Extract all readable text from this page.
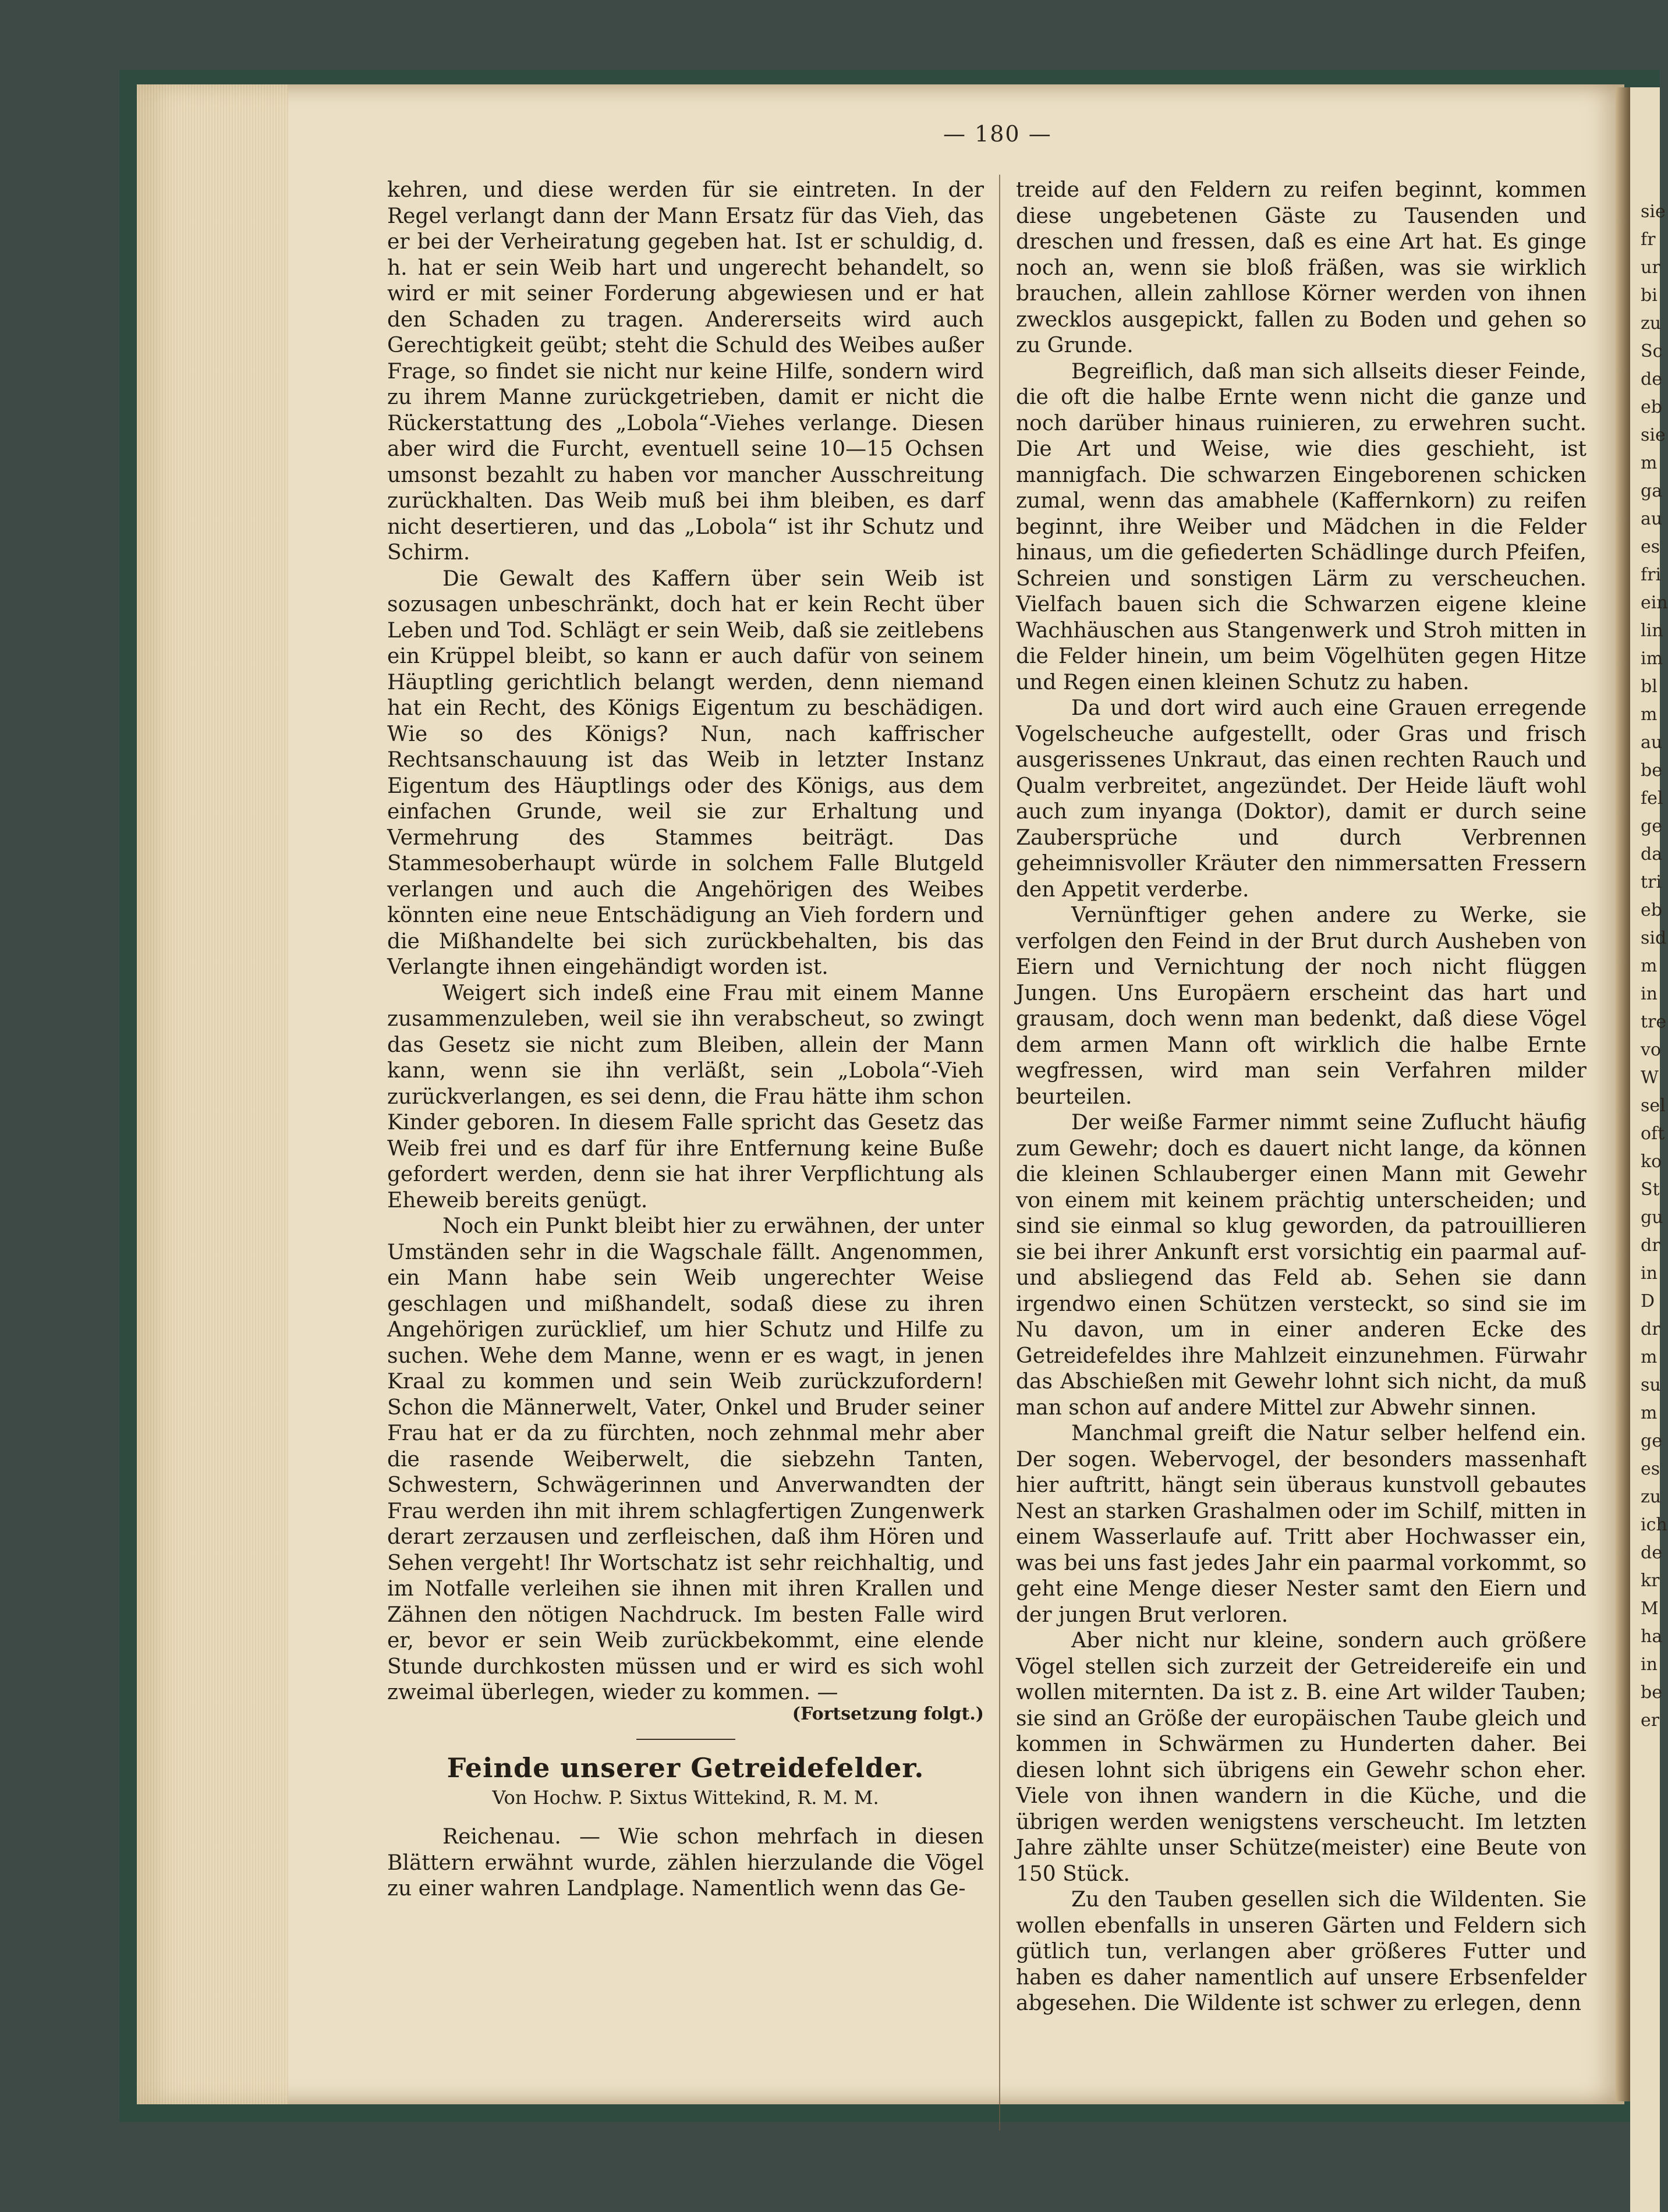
sie
fr
ur
bi
zu
Sc
de
eb
sie
m
ga
au
es
fri
ein
lin
im
bl
m
au
be
fel
ge
da
tri
eb
sid
m
in
tre
vo
W
sel
oft
ko
St
gu
dr
in
D
dr
m
su
m
ge
es
zu
ich
de
kr
M
ha
in
be
er
— 180 —

kehren, und diese werden für sie eintreten. In der Regel verlangt dann der Mann Ersatz für das Vieh, das er bei der Verheiratung gegeben hat. Ist er schuldig, d. h. hat er sein Weib hart und ungerecht behandelt, so wird er mit seiner Forderung abgewiesen und er hat den Schaden zu tragen. Andererseits wird auch Gerechtigkeit geübt; steht die Schuld des Weibes außer Frage, so findet sie nicht nur keine Hilfe, sondern wird zu ihrem Manne zurückgetrieben, damit er nicht die Rückerstattung des „Lobola“-Viehes verlange. Diesen aber wird die Furcht, eventuell seine 10—15 Ochsen umsonst bezahlt zu haben vor mancher Ausschreitung zurückhalten. Das Weib muß bei ihm bleiben, es darf nicht desertieren, und das „Lobola“ ist ihr Schutz und Schirm.

Die Gewalt des Kaffern über sein Weib ist sozusagen unbeschränkt, doch hat er kein Recht über Leben und Tod. Schlägt er sein Weib, daß sie zeitlebens ein Krüppel bleibt, so kann er auch dafür von seinem Häuptling gerichtlich belangt werden, denn niemand hat ein Recht, des Königs Eigentum zu beschädigen. Wie so des Königs? Nun, nach kaffrischer Rechtsanschauung ist das Weib in letzter Instanz Eigentum des Häuptlings oder des Königs, aus dem einfachen Grunde, weil sie zur Erhaltung und Vermehrung des Stammes beiträgt. Das Stammesoberhaupt würde in solchem Falle Blutgeld verlangen und auch die Angehörigen des Weibes könnten eine neue Entschädigung an Vieh fordern und die Mißhandelte bei sich zurückbehalten, bis das Verlangte ihnen eingehändigt worden ist.

Weigert sich indeß eine Frau mit einem Manne zusammenzuleben, weil sie ihn verabscheut, so zwingt das Gesetz sie nicht zum Bleiben, allein der Mann kann, wenn sie ihn verläßt, sein „Lobola“-Vieh zurückverlangen, es sei denn, die Frau hätte ihm schon Kinder geboren. In diesem Falle spricht das Gesetz das Weib frei und es darf für ihre Entfernung keine Buße gefordert werden, denn sie hat ihrer Verpflichtung als Eheweib bereits genügt.

Noch ein Punkt bleibt hier zu erwähnen, der unter Umständen sehr in die Wagschale fällt. Angenommen, ein Mann habe sein Weib ungerechter Weise geschlagen und mißhandelt, sodaß diese zu ihren Angehörigen zurücklief, um hier Schutz und Hilfe zu suchen. Wehe dem Manne, wenn er es wagt, in jenen Kraal zu kommen und sein Weib zurückzufordern! Schon die Männerwelt, Vater, Onkel und Bruder seiner Frau hat er da zu fürchten, noch zehnmal mehr aber die rasende Weiberwelt, die siebzehn Tanten, Schwestern, Schwägerinnen und Anverwandten der Frau werden ihn mit ihrem schlagfertigen Zungenwerk derart zerzausen und zerfleischen, daß ihm Hören und Sehen vergeht! Ihr Wortschatz ist sehr reichhaltig, und im Notfalle verleihen sie ihnen mit ihren Krallen und Zähnen den nötigen Nachdruck. Im besten Falle wird er, bevor er sein Weib zurückbekommt, eine elende Stunde durchkosten müssen und er wird es sich wohl zweimal überlegen, wieder zu kommen. —

(Fortsetzung folgt.)
Feinde unserer Getreidefelder.
Von Hochw. P. Sixtus Wittekind, R. M. M.

Reichenau. — Wie schon mehrfach in diesen Blättern erwähnt wurde, zählen hierzulande die Vögel zu einer wahren Landplage. Namentlich wenn das Ge-

treide auf den Feldern zu reifen beginnt, kommen diese ungebetenen Gäste zu Tausenden und dreschen und fressen, daß es eine Art hat. Es ginge noch an, wenn sie bloß fräßen, was sie wirklich brauchen, allein zahllose Körner werden von ihnen zwecklos ausgepickt, fallen zu Boden und gehen so zu Grunde.

Begreiflich, daß man sich allseits dieser Feinde, die oft die halbe Ernte wenn nicht die ganze und noch darüber hinaus ruinieren, zu erwehren sucht. Die Art und Weise, wie dies geschieht, ist mannigfach. Die schwarzen Eingeborenen schicken zumal, wenn das amabhele (Kaffernkorn) zu reifen beginnt, ihre Weiber und Mädchen in die Felder hinaus, um die gefiederten Schädlinge durch Pfeifen, Schreien und sonstigen Lärm zu verscheuchen. Vielfach bauen sich die Schwarzen eigene kleine Wachhäuschen aus Stangenwerk und Stroh mitten in die Felder hinein, um beim Vögelhüten gegen Hitze und Regen einen kleinen Schutz zu haben.

Da und dort wird auch eine Grauen erregende Vogelscheuche aufgestellt, oder Gras und frisch ausgerissenes Unkraut, das einen rechten Rauch und Qualm verbreitet, angezündet. Der Heide läuft wohl auch zum inyanga (Doktor), damit er durch seine Zaubersprüche und durch Verbrennen geheimnisvoller Kräuter den nimmersatten Fressern den Appetit verderbe.

Vernünftiger gehen andere zu Werke, sie verfolgen den Feind in der Brut durch Ausheben von Eiern und Vernichtung der noch nicht flüggen Jungen. Uns Europäern erscheint das hart und grausam, doch wenn man bedenkt, daß diese Vögel dem armen Mann oft wirklich die halbe Ernte wegfressen, wird man sein Verfahren milder beurteilen.

Der weiße Farmer nimmt seine Zuflucht häufig zum Gewehr; doch es dauert nicht lange, da können die kleinen Schlauberger einen Mann mit Gewehr von einem mit keinem prächtig unterscheiden; und sind sie einmal so klug geworden, da patrouillieren sie bei ihrer Ankunft erst vorsichtig ein paarmal auf- und absliegend das Feld ab. Sehen sie dann irgendwo einen Schützen versteckt, so sind sie im Nu davon, um in einer anderen Ecke des Getreidefeldes ihre Mahlzeit einzunehmen. Fürwahr das Abschießen mit Gewehr lohnt sich nicht, da muß man schon auf andere Mittel zur Abwehr sinnen.

Manchmal greift die Natur selber helfend ein. Der sogen. Webervogel, der besonders massenhaft hier auftritt, hängt sein überaus kunstvoll gebautes Nest an starken Grashalmen oder im Schilf, mitten in einem Wasserlaufe auf. Tritt aber Hochwasser ein, was bei uns fast jedes Jahr ein paarmal vorkommt, so geht eine Menge dieser Nester samt den Eiern und der jungen Brut verloren.

Aber nicht nur kleine, sondern auch größere Vögel stellen sich zurzeit der Getreidereife ein und wollen miternten. Da ist z. B. eine Art wilder Tauben; sie sind an Größe der europäischen Taube gleich und kommen in Schwärmen zu Hunderten daher. Bei diesen lohnt sich übrigens ein Gewehr schon eher. Viele von ihnen wandern in die Küche, und die übrigen werden wenigstens verscheucht. Im letzten Jahre zählte unser Schütze(meister) eine Beute von 150 Stück.

Zu den Tauben gesellen sich die Wildenten. Sie wollen ebenfalls in unseren Gärten und Feldern sich gütlich tun, verlangen aber größeres Futter und haben es daher namentlich auf unsere Erbsenfelder abgesehen. Die Wildente ist schwer zu erlegen, denn
